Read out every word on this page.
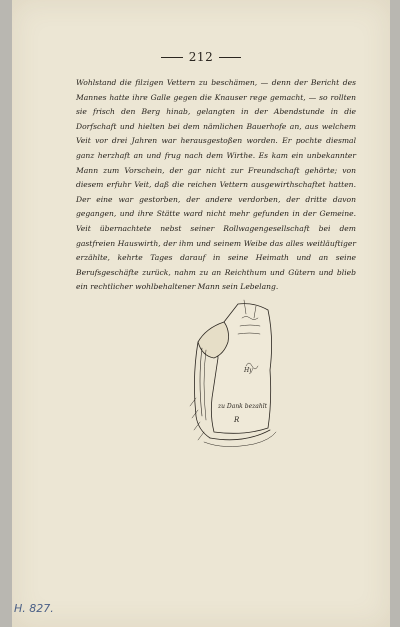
212

Wohlstand die filzigen Vettern zu beschämen, — denn der Bericht des Mannes hatte ihre Galle gegen die Knauser rege gemacht, — so rollten sie frisch den Berg hinab, gelangten in der Abendstunde in die Dorfschaft und hielten bei dem nämlichen Bauerhofe an, aus welchem Veit vor drei Jahren war herausgestoßen worden. Er pochte diesmal ganz herzhaft an und frug nach dem Wirthe. Es kam ein unbekannter Mann zum Vorschein, der gar nicht zur Freundschaft gehörte; von diesem erfuhr Veit, daß die reichen Vettern ausgewirthschaftet hatten. Der eine war gestorben, der andere verdorben, der dritte davon gegangen, und ihre Stätte ward nicht mehr gefunden in der Gemeine. Veit übernachtete nebst seiner Rollwagengesellschaft bei dem gastfreien Hauswirth, der ihm und seinem Weibe das alles weitläuftiger erzählte, kehrte Tages darauf in seine Heimath und an seine Berufsgeschäfte zurück, nahm zu an Reichthum und Gütern und blieb ein rechtlicher wohlbehaltener Mann sein Lebelang.

Hy
zu Dank bezahlt
R
H. 827.
